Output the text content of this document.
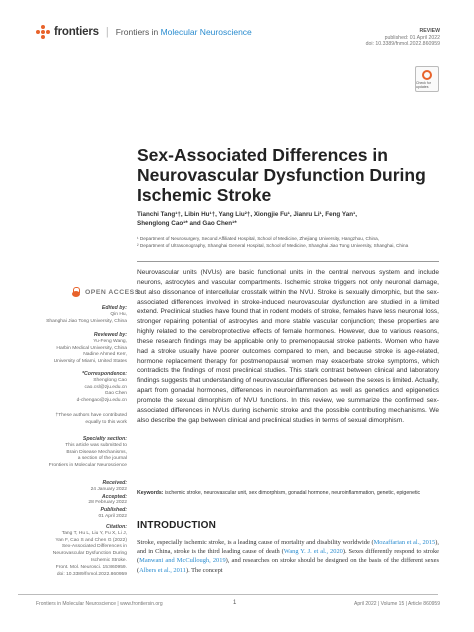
frontiers | Frontiers in Molecular Neuroscience	REVIEW
published: 01 April 2022
doi: 10.3389/fnmol.2022.860959
Check for updates
Sex-Associated Differences in Neurovascular Dysfunction During Ischemic Stroke
Tianchi Tang¹†, Libin Hu¹†, Yang Liu²†, Xiongjie Fu¹, Jianru Li¹, Feng Yan¹,
Shenglong Cao¹* and Gao Chen¹*
¹ Department of Neurosurgery, Second Affiliated Hospital, School of Medicine, Zhejiang University, Hangzhou, China,
² Department of Ultrasonography, Shanghai General Hospital, School of Medicine, Shanghai Jiao Tong University, Shanghai, China
Neurovascular units (NVUs) are basic functional units in the central nervous system and include neurons, astrocytes and vascular compartments. Ischemic stroke triggers not only neuronal damage, but also dissonance of intercellular crosstalk within the NVU. Stroke is sexually dimorphic, but the sex-associated differences involved in stroke-induced neurovascular dysfunction are studied in a limited extend. Preclinical studies have found that in rodent models of stroke, females have less neuronal loss, stronger repairing potential of astrocytes and more stable vascular conjunction; these properties are highly related to the cerebroprotective effects of female hormones. However, due to various reasons, these research findings may be applicable only to premenopausal stroke patients. Women who have had a stroke usually have poorer outcomes compared to men, and because stroke is age-related, hormone replacement therapy for postmenopausal women may exacerbate stroke symptoms, which contradicts the findings of most preclinical studies. This stark contrast between clinical and laboratory findings suggests that understanding of neurovascular differences between the sexes is limited. Actually, apart from gonadal hormones, differences in neuroinflammation as well as genetics and epigenetics promote the sexual dimorphism of NVU functions. In this review, we summarize the confirmed sex-associated differences in NVUs during ischemic stroke and the possible contributing mechanisms. We also describe the gap between clinical and preclinical studies in terms of sexual dimorphism.
Keywords: ischemic stroke, neurovascular unit, sex dimorphism, gonadal hormone, neuroinflammation, genetic, epigenetic
INTRODUCTION
Stroke, especially ischemic stroke, is a leading cause of mortality and disability worldwide (Mozaffarian et al., 2015), and in China, stroke is the third leading cause of death (Wang Y. J. et al., 2020). Sexes differently respond to stroke (Manwani and McCullough, 2019), and researches on stroke should be designed on the basis of the different sexes (Albers et al., 2011). The concept
OPEN ACCESS
Edited by:
Qin Hu,
Shanghai Jiao Tong University, China
Reviewed by:
Yu-Feng Wang,
Harbin Medical University, China
Nadine Ahmed Kerr,
University of Miami, United States
*Correspondence:
Shenglong Cao
cao.csl@zju.edu.cn
Gao Chen
d-chengao@zju.edu.cn
†These authors have contributed
equally to this work
Specialty section:
This article was submitted to
Brain Disease Mechanisms,
a section of the journal
Frontiers in Molecular Neuroscience
Received:
24 January 2022
Accepted:
28 February 2022
Published:
01 April 2022
Citation:
Tang T, Hu L, Liu Y, Fu X, Li J,
Yan F, Cao S and Chen G (2022)
Sex-Associated Differences in
Neurovascular Dysfunction During
Ischemic Stroke.
Front. Mol. Neurosci. 15:860959.
doi: 10.3389/fnmol.2022.860959
Frontiers in Molecular Neuroscience | www.frontiersin.org	1	April 2022 | Volume 15 | Article 860959
